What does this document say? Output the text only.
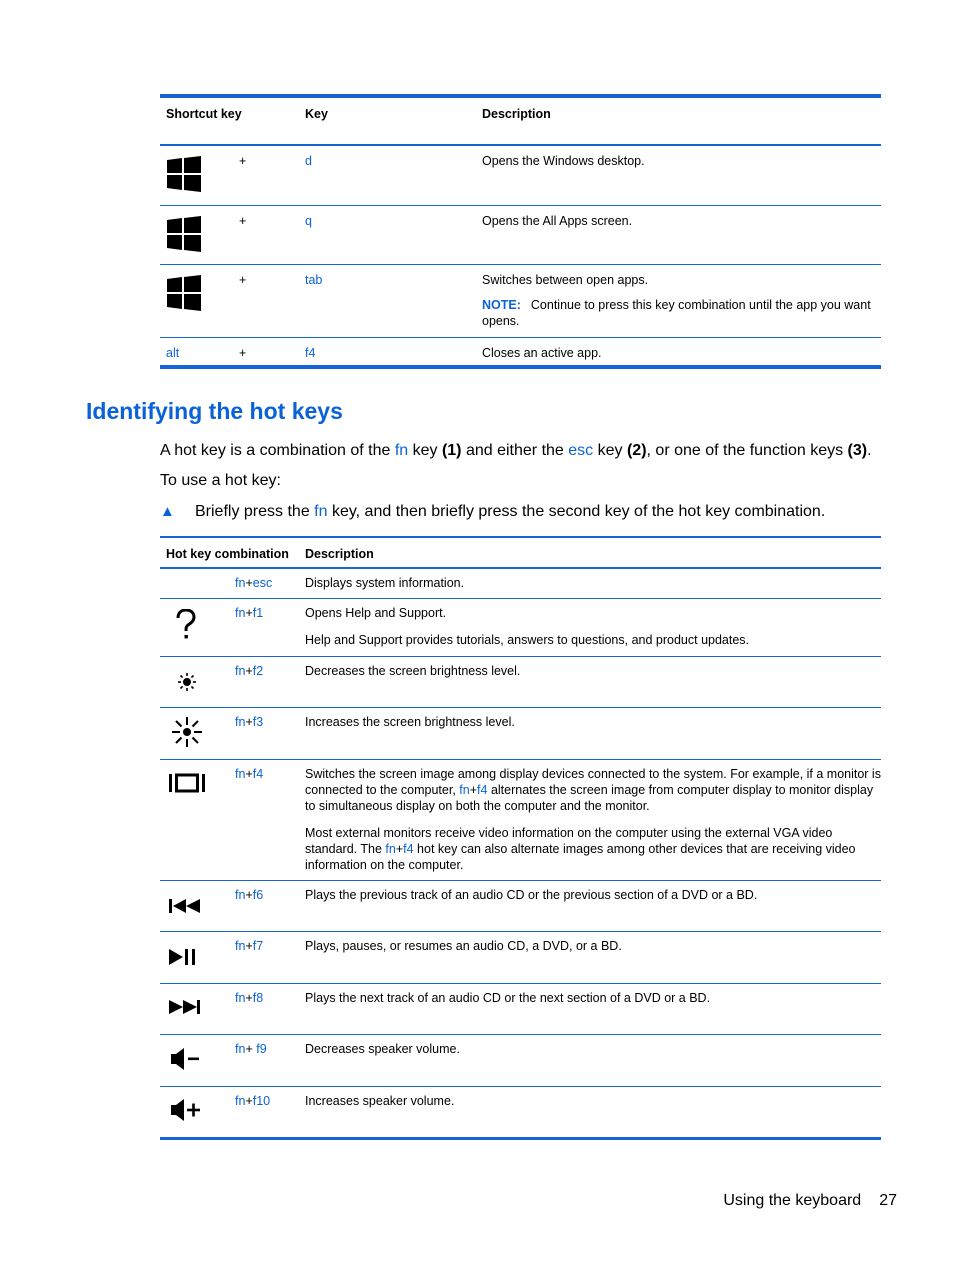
Shortcut key		Key	Description

	+	d	Opens the Windows desktop.

	+	q	Opens the All Apps screen.

	+	tab	Switches between open apps.
NOTE: Continue to press this key combination until the app you want opens.

alt	+	f4	Closes an active app.
Identifying the hot keys

A hot key is a combination of the fn key (1) and either the esc key (2), or one of the function keys (3).

To use a hot key:

▲ Briefly press the fn key, and then briefly press the second key of the hot key combination.

Hot key combination		Description
	fn+esc	Displays system information.

	fn+f1	Opens Help and Support.

Help and Support provides tutorials, answers to questions, and product updates.

	fn+f2	Decreases the screen brightness level.

	fn+f3	Increases the screen brightness level.

	fn+f4	Switches the screen image among display devices connected to the system. For example, if a monitor is connected to the computer, fn+f4 alternates the screen image from computer display to monitor display to simultaneous display on both the computer and the monitor.

Most external monitors receive video information on the computer using the external VGA video standard. The fn+f4 hot key can also alternate images among other devices that are receiving video information on the computer.

	fn+f6	Plays the previous track of an audio CD or the previous section of a DVD or a BD.

	fn+f7	Plays, pauses, or resumes an audio CD, a DVD, or a BD.

	fn+f8	Plays the next track of an audio CD or the next section of a DVD or a BD.

	fn+ f9	Decreases speaker volume.

	fn+f10	Increases speaker volume.

Using the keyboard 27
